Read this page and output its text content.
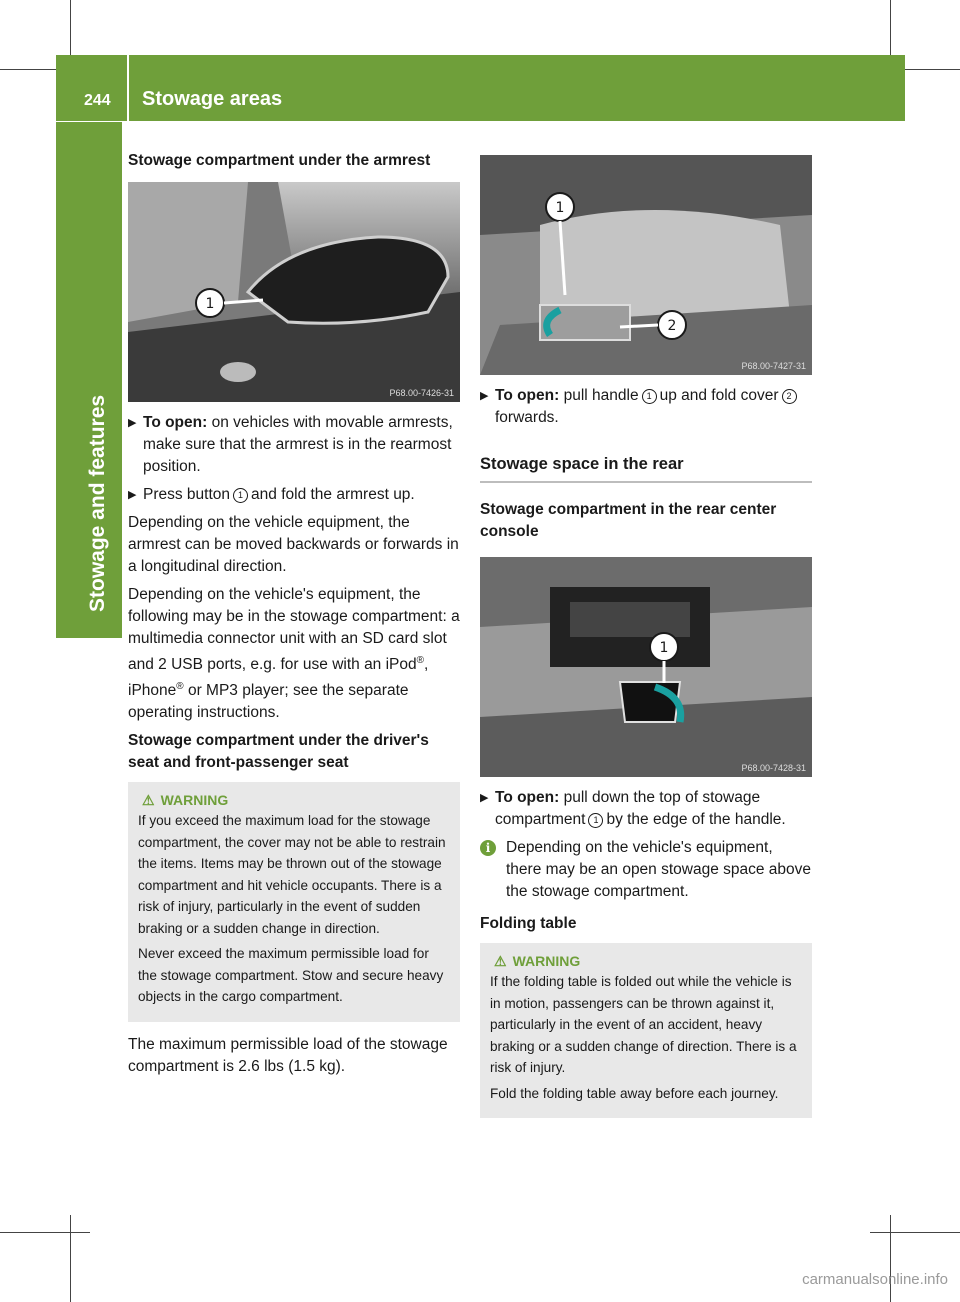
244 Stowage areas
Stowage and features
Stowage compartment under the armrest
1
P68.00-7426-31
▶ To open: on vehicles with movable armrests, make sure that the armrest is in the rearmost position.
▶ Press button 1 and fold the armrest up.

Depending on the vehicle equipment, the armrest can be moved backwards or forwards in a longitudinal direction.

Depending on the vehicle's equipment, the following may be in the stowage compartment: a multimedia connector unit with an SD card slot and 2 USB ports, e.g. for use with an iPod®, iPhone® or MP3 player; see the separate operating instructions.

Stowage compartment under the driver's seat and front-passenger seat
⚠ WARNING

If you exceed the maximum load for the stowage compartment, the cover may not be able to restrain the items. Items may be thrown out of the stowage compartment and hit vehicle occupants. There is a risk of injury, particularly in the event of sudden braking or a sudden change in direction.

Never exceed the maximum permissible load for the stowage compartment. Stow and secure heavy objects in the cargo compartment.

The maximum permissible load of the stowage compartment is 2.6 lbs (1.5 kg).

1
2
P68.00-7427-31
▶ To open: pull handle 1 up and fold cover 2forwards.
Stowage space in the rear
Stowage compartment in the rear center console
1
P68.00-7428-31
▶ To open: pull down the top of stowage compartment 1 by the edge of the handle.
i	Depending on the vehicle's equipment, there may be an open stowage space above the stowage compartment.
Folding table
⚠ WARNING

If the folding table is folded out while the vehicle is in motion, passengers can be thrown against it, particularly in the event of an accident, heavy braking or a sudden change of direction. There is a risk of injury.

Fold the folding table away before each journey.

carmanualsonline.info
